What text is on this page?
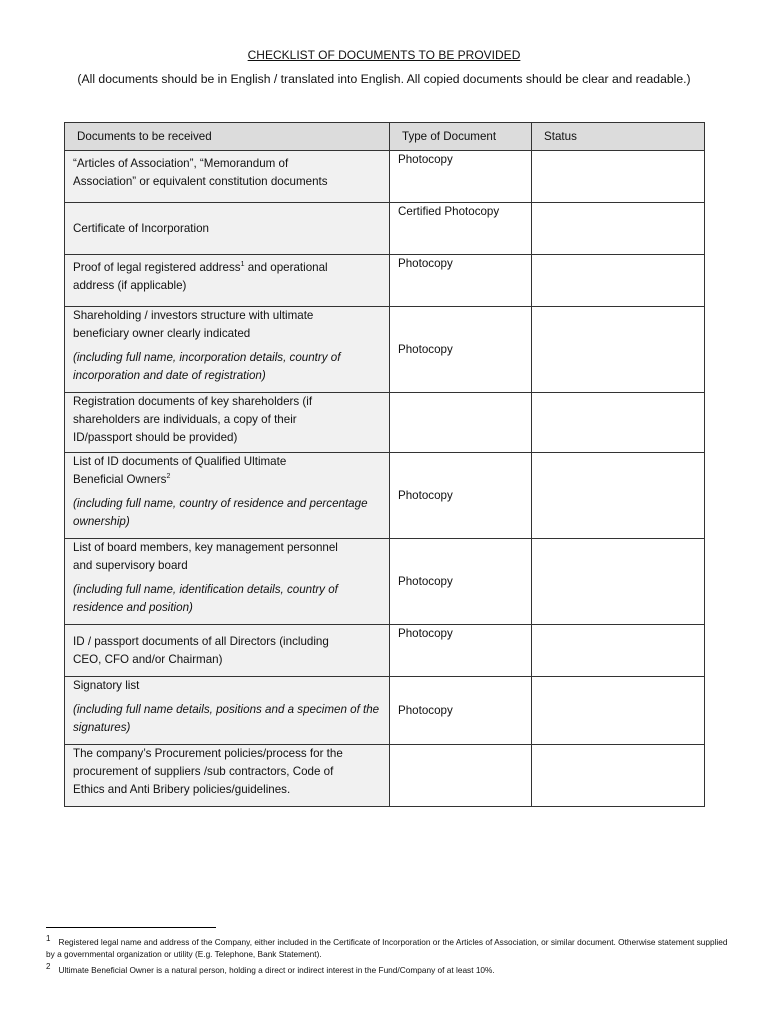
CHECKLIST OF DOCUMENTS TO BE PROVIDED
(All documents should be in English / translated into English. All copied documents should be clear and readable.)
Documents to be received	Type of Document	Status

“Articles of Association”, “Memorandum of
Association” or equivalent constitution documents	Photocopy	

Certificate of Incorporation	Certified Photocopy	

Proof of legal registered address$^1$ and operational
address (if applicable)	Photocopy	

Shareholding / investors structure with ultimate
beneficiary owner clearly indicated
(including full name, incorporation details, country of incorporation and date of registration)	Photocopy	

Registration documents of key shareholders (if
shareholders are individuals, a copy of their
ID/passport should be provided)		

List of ID documents of Qualified Ultimate
Beneficial Owners$^2$
(including full name, country of residence and percentage ownership)	Photocopy	

List of board members, key management personnel
and supervisory board
(including full name, identification details, country of residence and position)	Photocopy	

ID / passport documents of all Directors (including
CEO, CFO and/or Chairman)	Photocopy	

Signatory list
(including full name details, positions and a specimen of the signatures)	Photocopy	

The company’s Procurement policies/process for the
procurement of suppliers /sub contractors, Code of
Ethics and Anti Bribery policies/guidelines.		

1 Registered legal name and address of the Company, either included in the Certificate of Incorporation or the Articles of Association, or similar document. Otherwise statement supplied by a governmental organization or utility (E.g. Telephone, Bank Statement).
2 Ultimate Beneficial Owner is a natural person, holding a direct or indirect interest in the Fund/Company of at least 10%.
